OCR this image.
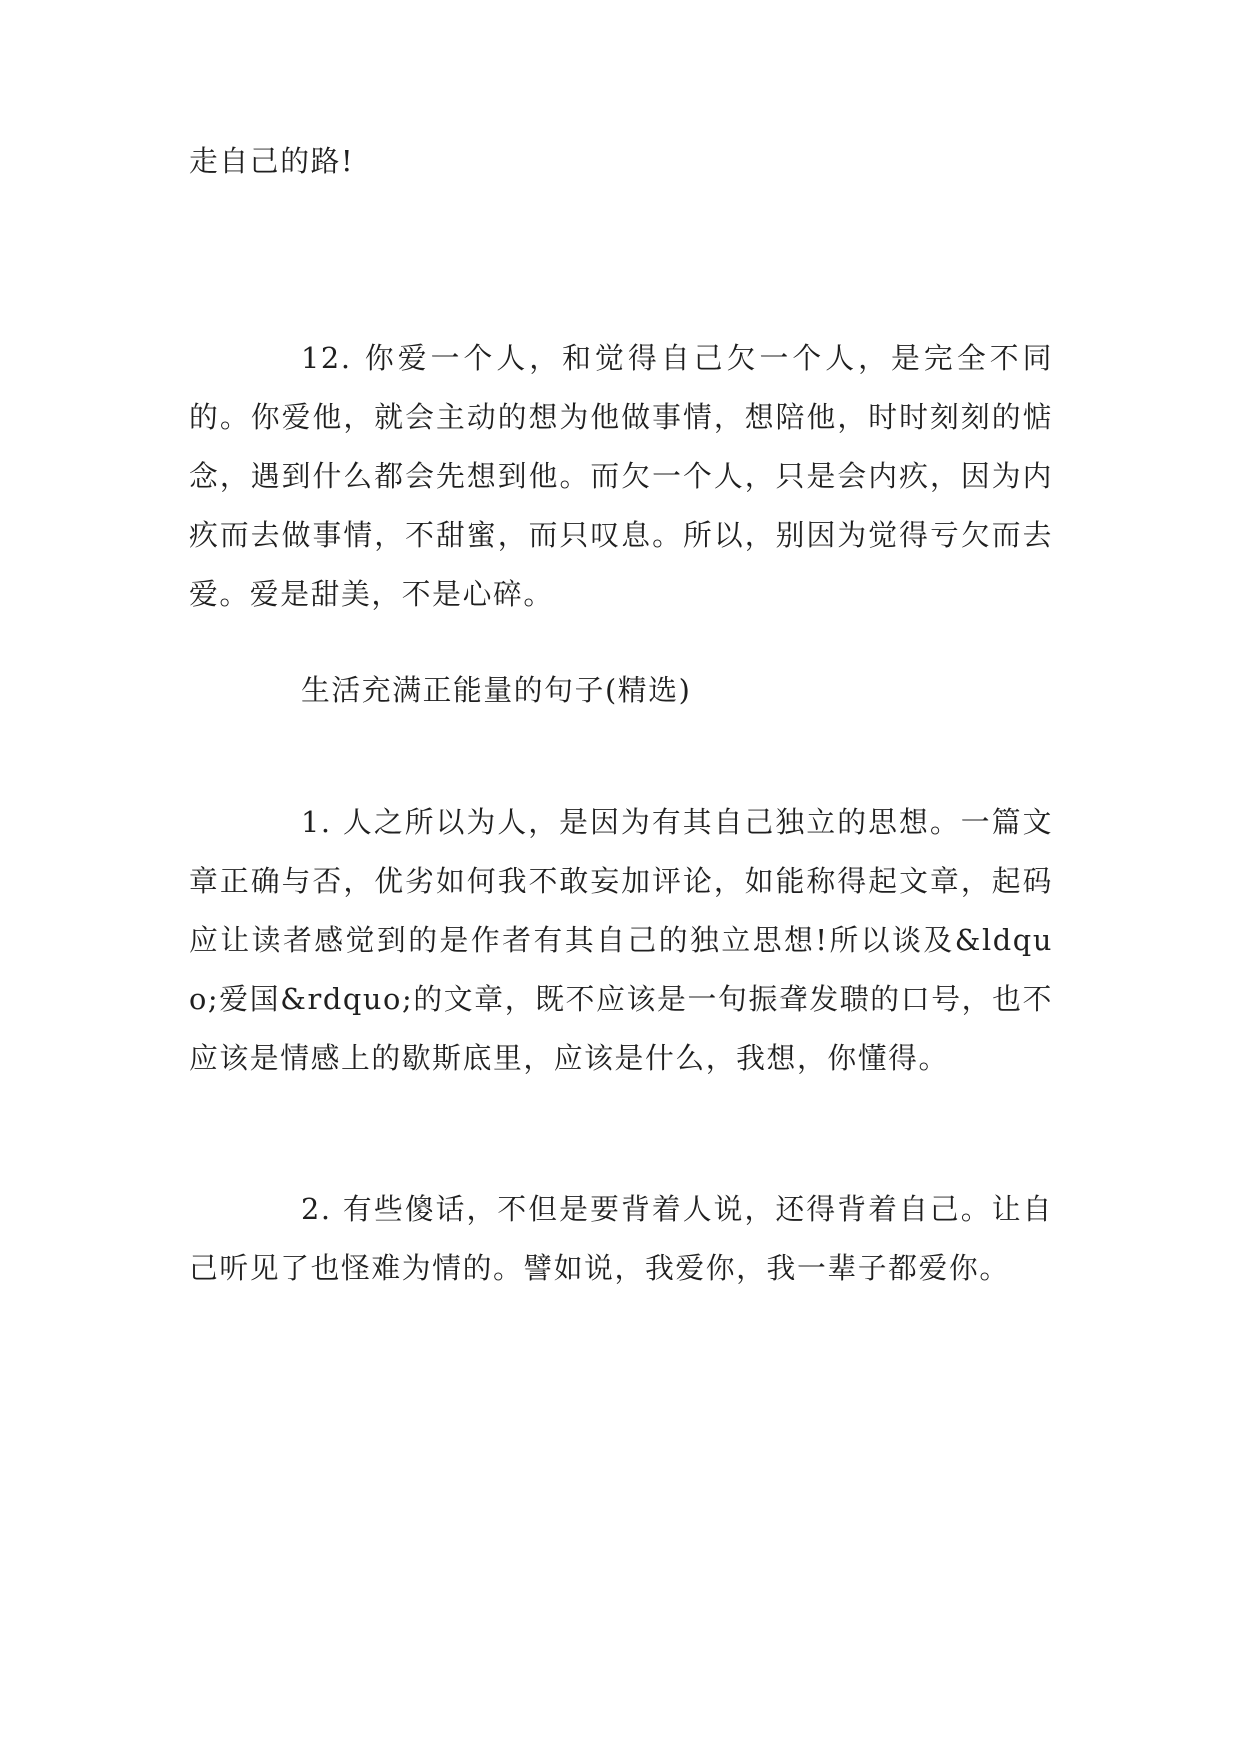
走自己的路!

12. 你爱一个人，和觉得自己欠一个人，是完全不同的。你爱他，就会主动的想为他做事情，想陪他，时时刻刻的惦念，遇到什么都会先想到他。而欠一个人，只是会内疚，因为内疚而去做事情，不甜蜜，而只叹息。所以，别因为觉得亏欠而去爱。爱是甜美，不是心碎。

生活充满正能量的句子(精选)

1. 人之所以为人，是因为有其自己独立的思想。一篇文章正确与否，优劣如何我不敢妄加评论，如能称得起文章，起码应让读者感觉到的是作者有其自己的独立思想!所以谈及&ldquo;爱国&rdquo;的文章，既不应该是一句振聋发聩的口号，也不应该是情感上的歇斯底里，应该是什么，我想，你懂得。

2. 有些傻话，不但是要背着人说，还得背着自己。让自己听见了也怪难为情的。譬如说，我爱你，我一辈子都爱你。
